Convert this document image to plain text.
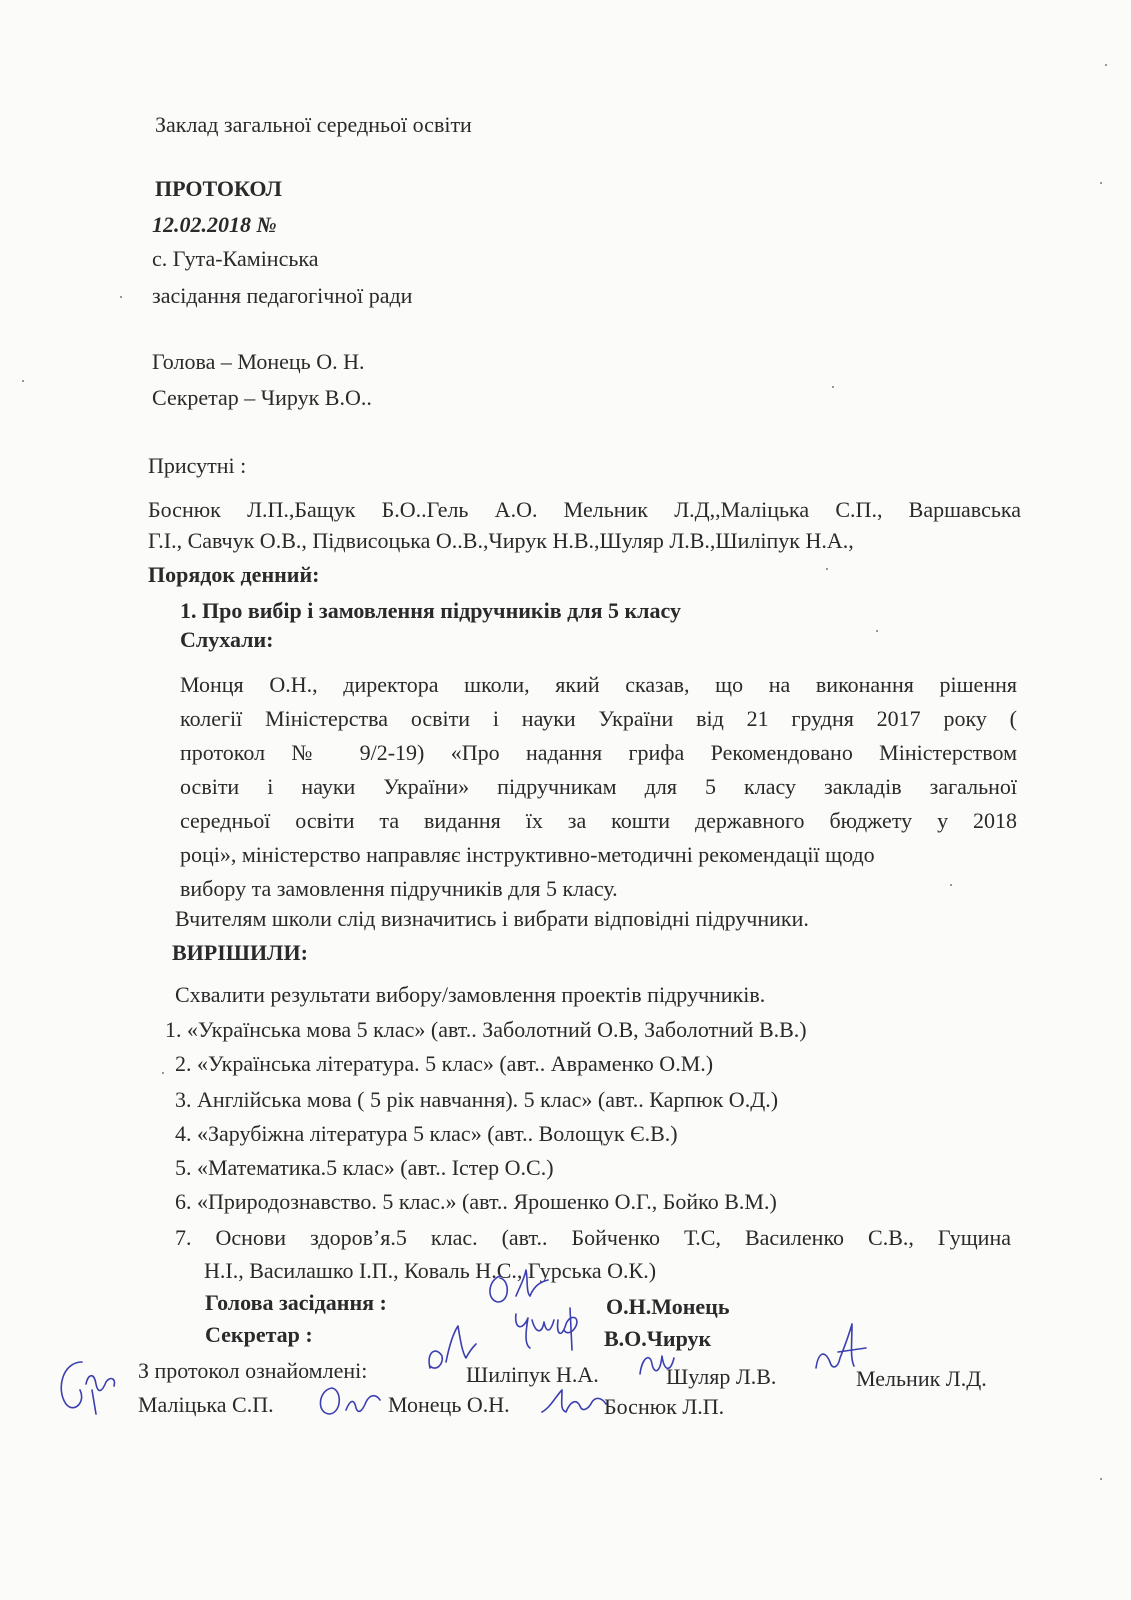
Заклад загальної середньої освіти
ПРОТОКОЛ
12.02.2018 №
с. Гута-Камінська
засідання педагогічної ради
Голова – Монець О. Н.
Секретар – Чирук В.О..
Присутні :
Боснюк Л.П.,Бащук Б.О..Гель А.О. Мельник Л.Д,,Маліцька С.П., Варшавська
Г.І., Савчук О.В., Підвисоцька О..В.,Чирук Н.В.,Шуляр Л.В.,Шиліпук Н.А.,
Порядок денний:
1. Про вибір і замовлення підручників для 5 класу
Слухали:
Монця О.Н., директора школи, який сказав, що на виконання рішення
колегії Міністерства освіти і науки України від 21 грудня 2017 року (
протокол № 9/2-19) «Про надання грифа Рекомендовано Міністерством
освіти і науки України» підручникам для 5 класу закладів загальної
середньої освіти та видання їх за кошти державного бюджету у 2018
році», міністерство направляє інструктивно-методичні рекомендації щодо
вибору та замовлення підручників для 5 класу.
Вчителям школи слід визначитись і вибрати відповідні підручники.
ВИРІШИЛИ:
Схвалити результати вибору/замовлення проектів підручників.
1. «Українська мова 5 клас» (авт.. Заболотний О.В, Заболотний В.В.)
2. «Українська література. 5 клас» (авт.. Авраменко О.М.)
3. Англійська мова ( 5 рік навчання). 5 клас» (авт.. Карпюк О.Д.)
4. «Зарубіжна література 5 клас» (авт.. Волощук Є.В.)
5. «Математика.5 клас» (авт.. Істер О.С.)
6. «Природознавство. 5 клас.» (авт.. Ярошенко О.Г., Бойко В.М.)
7. Основи здоров’я.5 клас. (авт.. Бойченко Т.С, Василенко С.В., Гущина
Н.І., Василашко І.П., Коваль Н.С., Гурська О.К.)
Голова засідання :	О.Н.Монець
Секретар :	В.О.Чирук
З протокол ознайомлені:	Шиліпук Н.А.	Шуляр Л.В.	Мельник Л.Д.
Маліцька С.П.	Монець О.Н.	Боснюк Л.П.
